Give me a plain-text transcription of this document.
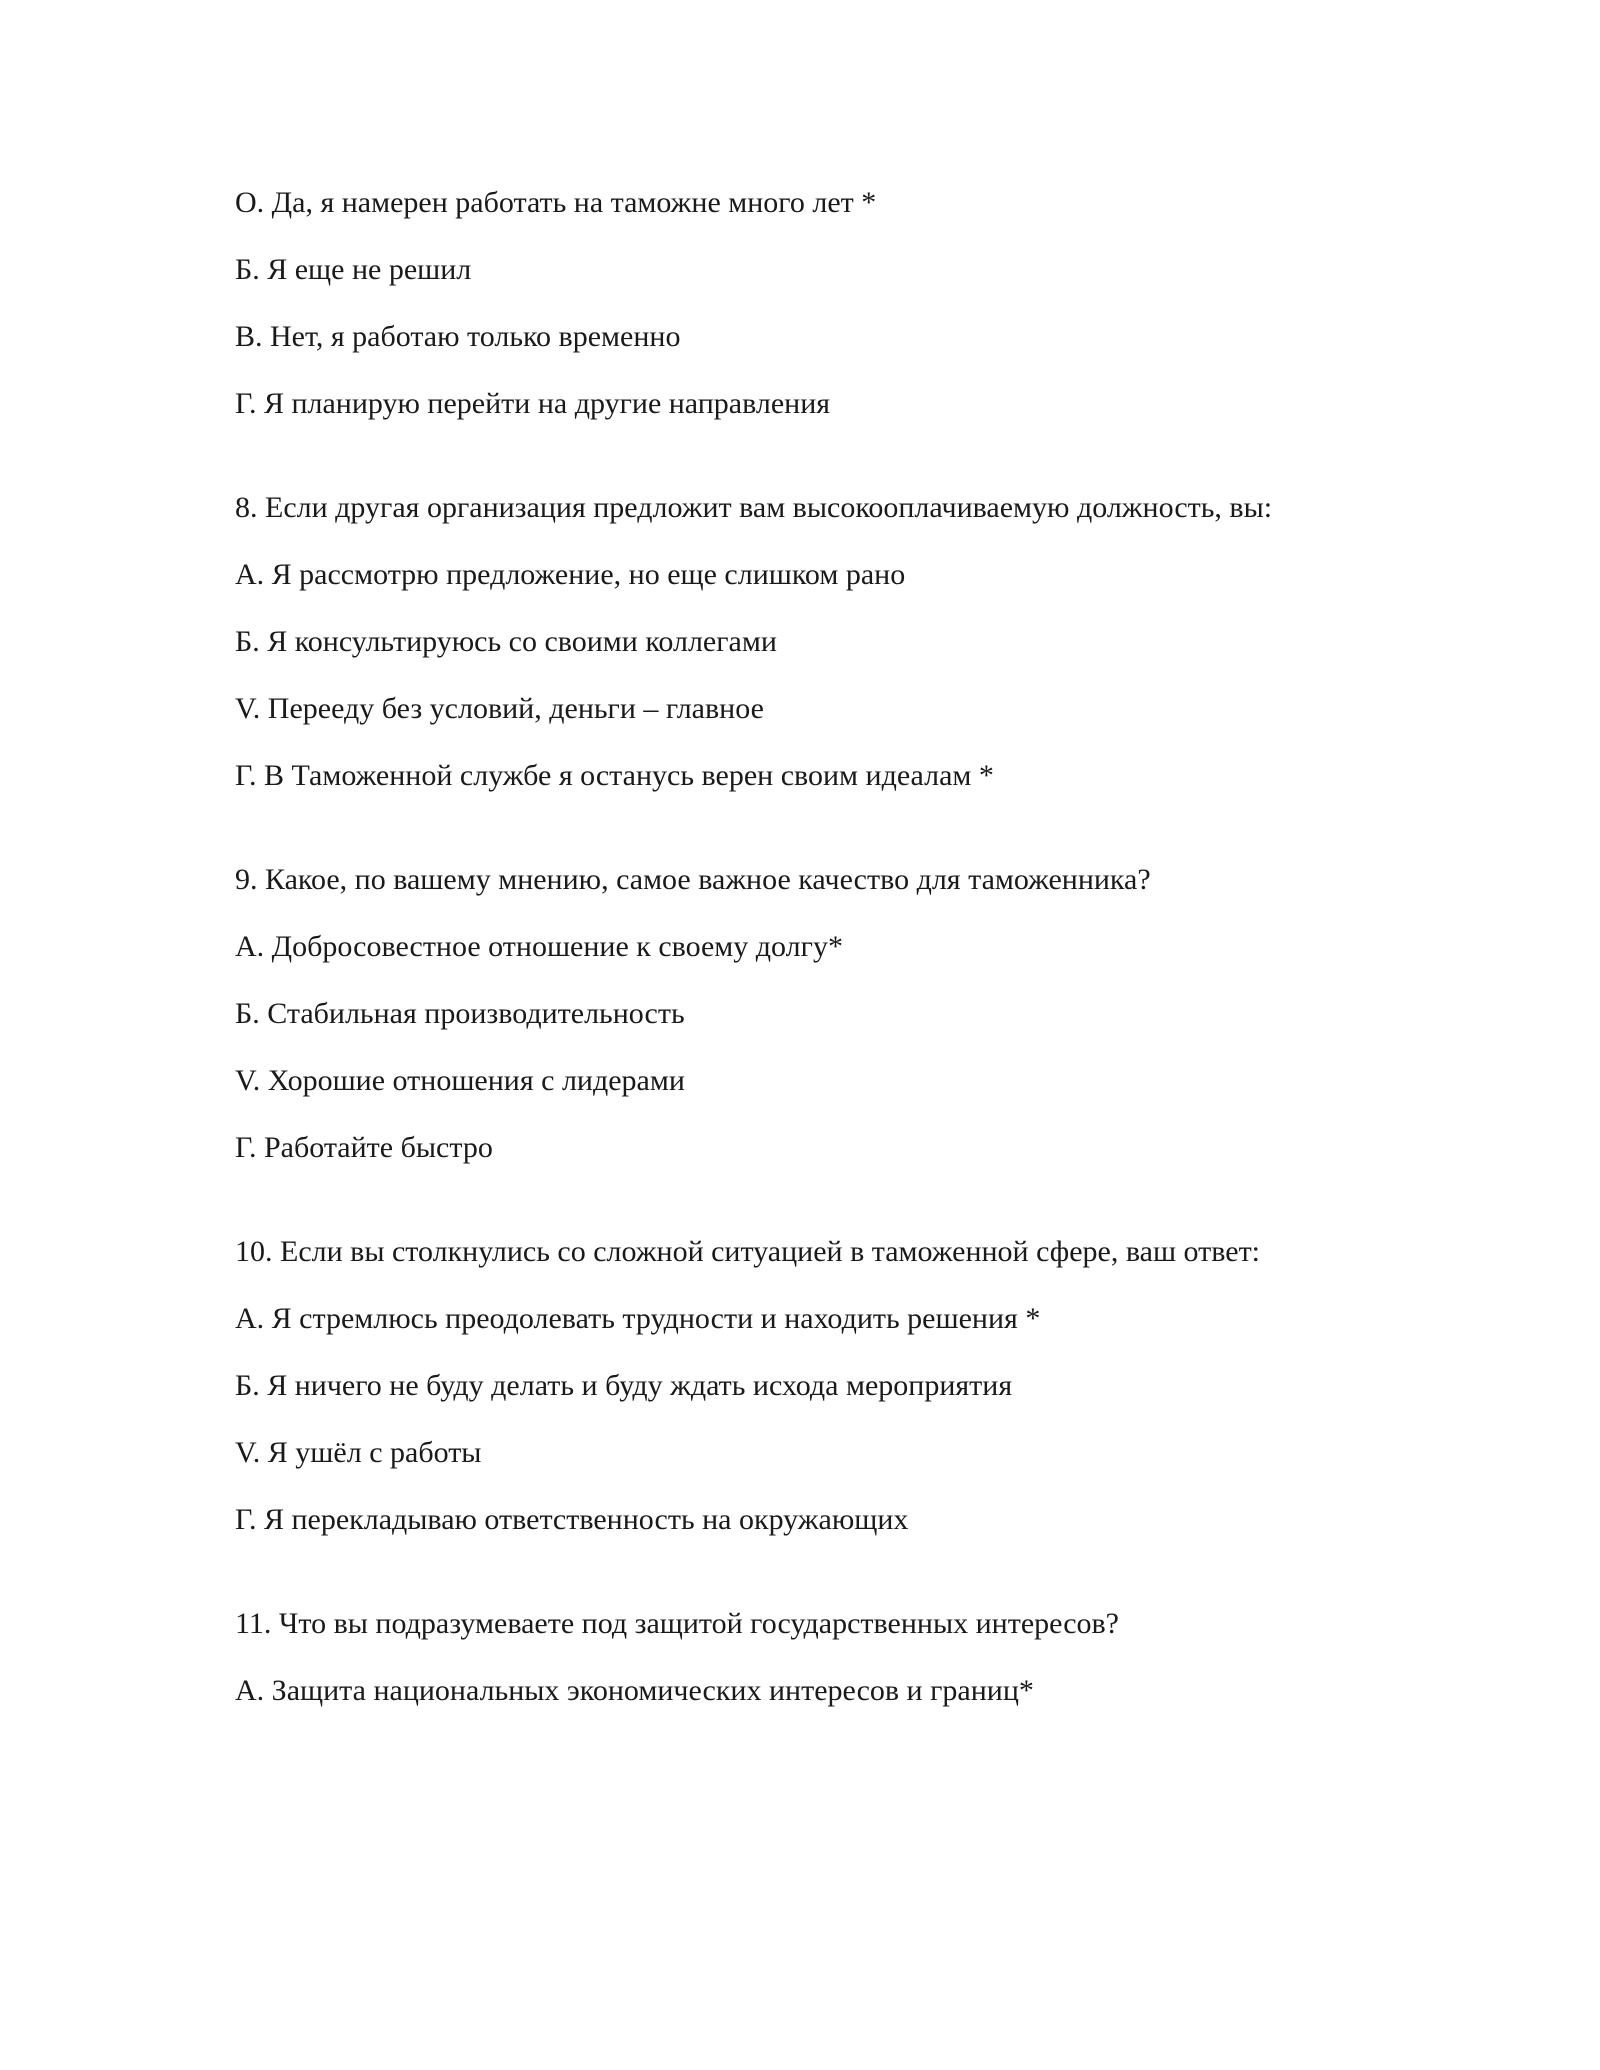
О. Да, я намерен работать на таможне много лет *
Б. Я еще не решил
В. Нет, я работаю только временно
Г. Я планирую перейти на другие направления
8. Если другая организация предложит вам высокооплачиваемую должность, вы:
А. Я рассмотрю предложение, но еще слишком рано
Б. Я консультируюсь со своими коллегами
V. Перееду без условий, деньги – главное
Г. В Таможенной службе я останусь верен своим идеалам *
9. Какое, по вашему мнению, самое важное качество для таможенника?
А. Добросовестное отношение к своему долгу*
Б. Стабильная производительность
V. Хорошие отношения с лидерами
Г. Работайте быстро
10. Если вы столкнулись со сложной ситуацией в таможенной сфере, ваш ответ:
А. Я стремлюсь преодолевать трудности и находить решения *
Б. Я ничего не буду делать и буду ждать исхода мероприятия
V. Я ушёл с работы
Г. Я перекладываю ответственность на окружающих
11. Что вы подразумеваете под защитой государственных интересов?
А. Защита национальных экономических интересов и границ*
